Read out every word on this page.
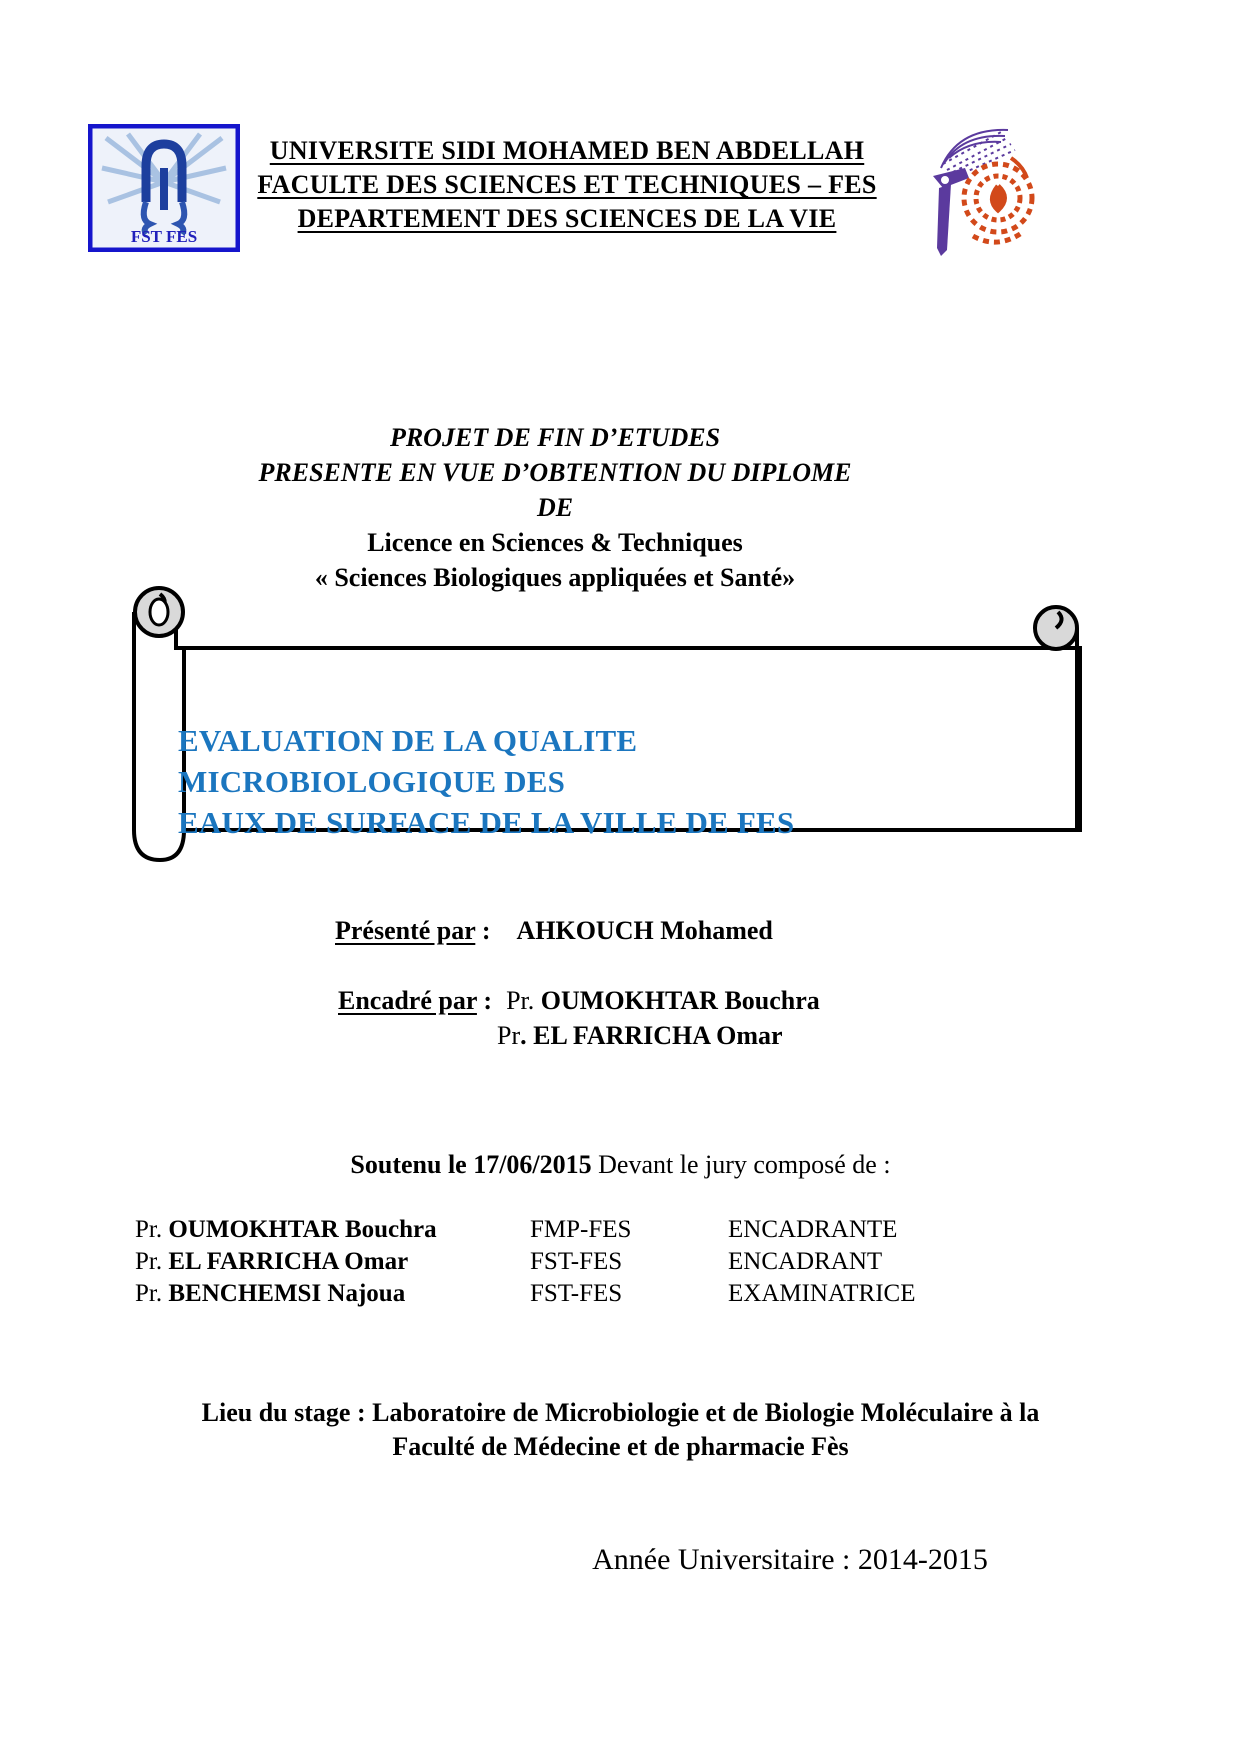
FST FES
UNIVERSITE SIDI MOHAMED BEN ABDELLAH
FACULTE DES SCIENCES ET TECHNIQUES – FES
DEPARTEMENT DES SCIENCES DE LA VIE
PROJET DE FIN D’ETUDES
PRESENTE EN VUE D’OBTENTION DU DIPLOME
DE
Licence en Sciences & Techniques
« Sciences Biologiques appliquées et Santé»
EVALUATION DE LA QUALITE MICROBIOLOGIQUE DES
EAUX DE SURFACE DE LA VILLE DE FES
Présenté par : AHKOUCH Mohamed
Encadré par : Pr. OUMOKHTAR Bouchra
Pr. EL FARRICHA Omar
Soutenu le 17/06/2015 Devant le jury composé de :
Pr. OUMOKHTAR Bouchra	FMP-FES	ENCADRANTE
Pr. EL FARRICHA Omar	FST-FES	ENCADRANT
Pr. BENCHEMSI Najoua	FST-FES	EXAMINATRICE
Lieu du stage : Laboratoire de Microbiologie et de Biologie Moléculaire à la
Faculté de Médecine et de pharmacie Fès
Année Universitaire : 2014-2015
